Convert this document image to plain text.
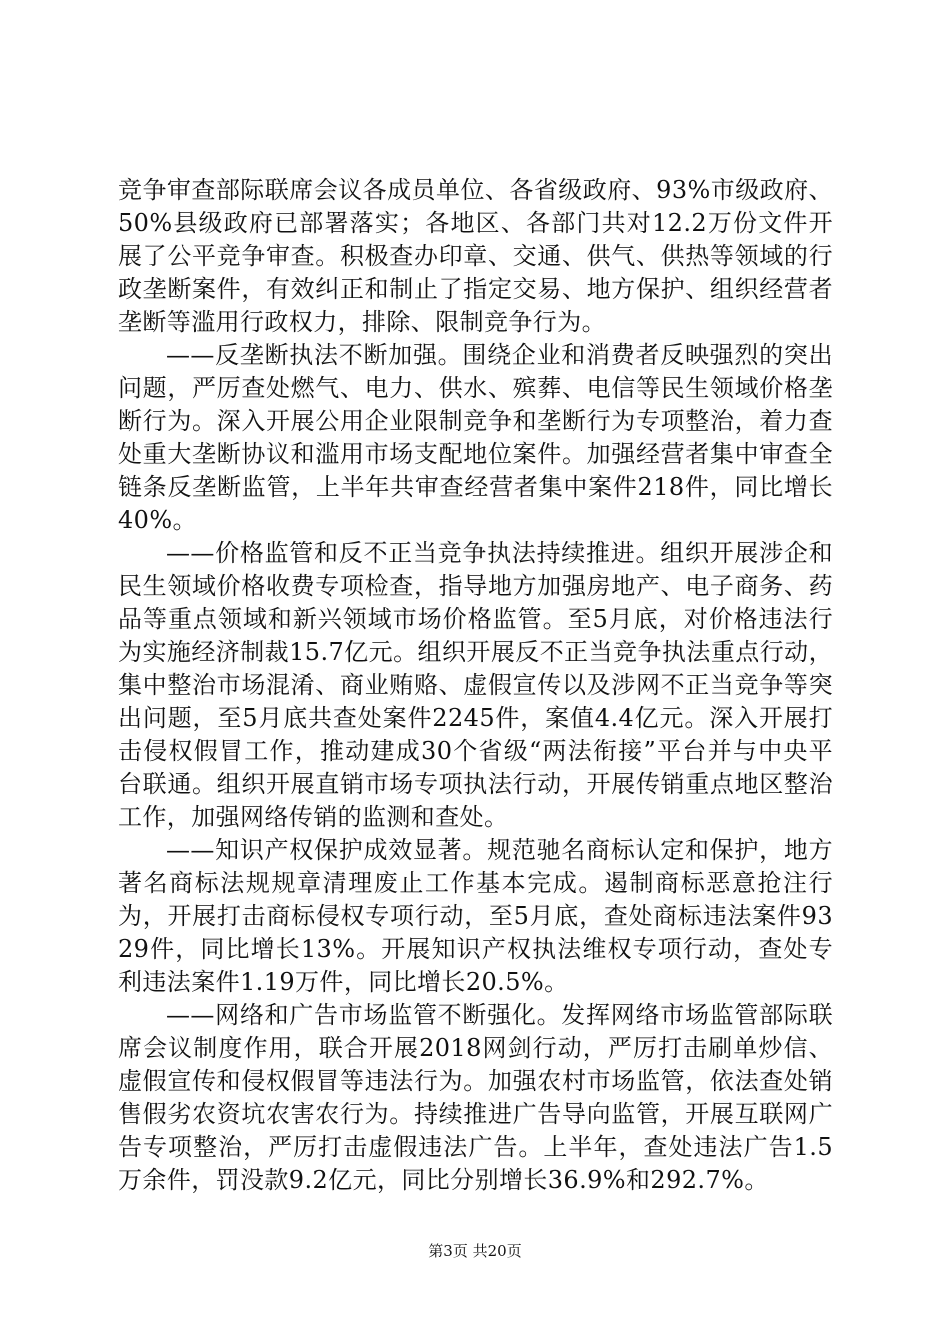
竞争审查部际联席会议各成员单位、各省级政府、93%市级政府、50%县级政府已部署落实；各地区、各部门共对12.2万份文件开展了公平竞争审查。积极查办印章、交通、供气、供热等领域的行政垄断案件，有效纠正和制止了指定交易、地方保护、组织经营者垄断等滥用行政权力，排除、限制竞争行为。

——反垄断执法不断加强。围绕企业和消费者反映强烈的突出问题，严厉查处燃气、电力、供水、殡葬、电信等民生领域价格垄断行为。深入开展公用企业限制竞争和垄断行为专项整治，着力查处重大垄断协议和滥用市场支配地位案件。加强经营者集中审查全链条反垄断监管，上半年共审查经营者集中案件218件，同比增长40%。

——价格监管和反不正当竞争执法持续推进。组织开展涉企和民生领域价格收费专项检查，指导地方加强房地产、电子商务、药品等重点领域和新兴领域市场价格监管。至5月底，对价格违法行为实施经济制裁15.7亿元。组织开展反不正当竞争执法重点行动，集中整治市场混淆、商业贿赂、虚假宣传以及涉网不正当竞争等突出问题，至5月底共查处案件2245件，案值4.4亿元。深入开展打击侵权假冒工作，推动建成30个省级“两法衔接”平台并与中央平台联通。组织开展直销市场专项执法行动，开展传销重点地区整治工作，加强网络传销的监测和查处。

——知识产权保护成效显著。规范驰名商标认定和保护，地方著名商标法规规章清理废止工作基本完成。遏制商标恶意抢注行为，开展打击商标侵权专项行动，至5月底，查处商标违法案件9329件，同比增长13%。开展知识产权执法维权专项行动，查处专利违法案件1.19万件，同比增长20.5%。

——网络和广告市场监管不断强化。发挥网络市场监管部际联席会议制度作用，联合开展2018网剑行动，严厉打击刷单炒信、虚假宣传和侵权假冒等违法行为。加强农村市场监管，依法查处销售假劣农资坑农害农行为。持续推进广告导向监管，开展互联网广告专项整治，严厉打击虚假违法广告。上半年，查处违法广告1.5万余件，罚没款9.2亿元，同比分别增长36.9%和292.7%。

第3页 共20页
